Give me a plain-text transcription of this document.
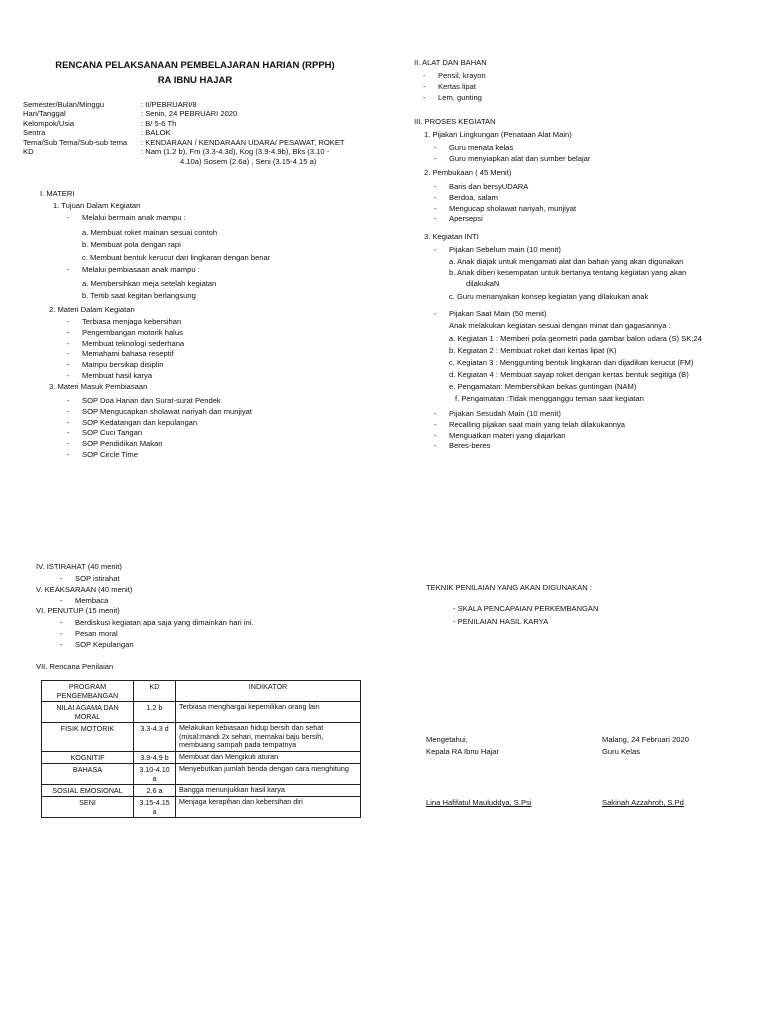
RENCANA PELAKSANAAN PEMBELAJARAN HARIAN (RPPH)
RA IBNU HAJAR
Semester/Bulan/Minggu	: II/PEBRUARI/8
Hari/Tanggal	: Senin, 24 PEBRUARI 2020
Kelompok/Usia	: B/ 5-6 Th
Sentra	: BALOK
Tema/Sub Tema/Sub-sub tema	: KENDARAAN / KENDARAAN UDARA/ PESAWAT, ROKET
KD	: Nam (1.2 b), Fm (3.3-4.3d), Kog (3.9-4.9b), Bks (3.10 -
4.10a) Sosem (2.6a) , Seni (3.15-4.15 a)
I. MATERI
1. Tujuan Dalam Kegiatan
- Melalui bermain anak mampu :
a. Membuat roket mainan sesuai contoh
b. Membuat pola dengan rapi
c. Membuat bentuk kerucut dari lingkaran dengan benar
- Melalui pembiasaan anak mampu :
a. Membersihkan meja setelah kegiatan
b. Tertib saat kegitan berlangsung
2. Materi Dalam Kegiatan
- Terbiasa menjaga kebersihan
- Pengembangan motorik halus
- Membuat teknologi sederhana
- Memahami bahasa reseptif
- Mampu bersikap disiplin
- Membuat hasil karya
3. Materi Masuk Pembiasaan
- SOP Doa Harian dan Surat-surat Pendek
- SOP Mengucapkan sholawat nariyah dan munjiyat
- SOP Kedatangan dan kepulangan
- SOP Cuci Tangan
- SOP Pendidikan Makan
- SOP Circle Time
II. ALAT DAN BAHAN
- Pensil, krayon
- Kertas lipat
- Lem, gunting
III. PROSES KEGIATAN
1. Pijakan Lingkungan (Penataan Alat Main)
- Guru menata kelas
- Guru menyiapkan alat dan sumber belajar
2. Pembukaan ( 45 Menit)
- Baris dan bersyUDARA
- Berdoa, salam
- Mengucap sholawat nariyah, munjiyat
- Apersepsi
3. Kegiatan INTI
- Pijakan Sebelum main (10 menit)
a. Anak diajak untuk mengamati alat dan bahan yang akan digunakan
b. Anak diberi kesempatan untuk bertanya tentang kegiatan yang akan
dilakukaN
c. Guru menanyakan konsep kegiatan yang dilakukan anak
- Pijakan Saat Main (50 menit)
Anak melakukan kegiatan sesuai dengan minat dan gagasannya :
a. Kegiatan 1 : Memberi pola geometri pada gambar balon udara (S) SK;24
b. Kegiatan 2 : Membuat roket dari kertas lipat (K)
c. Kegiatan 3 : Menggunting bentuk lingkaran dan dijadikan kerucut (FM)
d. Kegiatan 4 : Membuat sayap roket dengan kertas bentuk segitiga (B)
e. Pengamatan: Membersihkan bekas guntingan (NAM)
f. Pengamatan :Tidak mengganggu teman saat kegiatan
- Pijakan Sesudah Main (10 menit)
- Recalling pijakan saat main yang telah dilakukannya
- Menguatkan materi yang diajarkan
- Beres-beres
IV. ISTIRAHAT (40 menit)
- SOP istirahat
V. KEAKSARAAN (40 menit)
- Membaca
VI. PENUTUP (15 menit)
- Berdiskusi kegiatan apa saja yang dimainkan hari ini.
- Pesan moral
- SOP Kepulangan
VII. Rencana Penilaian
PROGRAM PENGEMBANGAN	KD	INDIKATOR
NILAI AGAMA DAN MORAL	1.2 b	Terbiasa menghargai kepemilikan orang lain
FISIK MOTORIK	3.3-4.3 d	Melakukan kebiasaan hidup bersih dan sehat (misal:mandi 2x sehari, memakai baju bersih, membuang sampah pada tempatnya
KOGNITIF	3.9-4.9 b	Membuat dan Mengikuti aturan
BAHASA	3.10-4.10 a	Menyebutkan jumlah benda dengan cara menghitung
SOSIAL EMOSIONAL	2.6 a	Bangga menunjukkan hasil karya
SENI	3.15-4.15 a	Menjaga kerapihan dan kebersihan diri
TEKNIK PENILAIAN YANG AKAN DIGUNAKAN :
- SKALA PENCAPAIAN PERKEMBANGAN
- PENILAIAN HASIL KARYA
Mengetahui,
Kepala RA Ibnu Hajar
Lina Hafifatul Mauluddya, S.Psi
Malang, 24 Februari 2020
Guru Kelas
Sakinah Azzahroh, S.Pd
